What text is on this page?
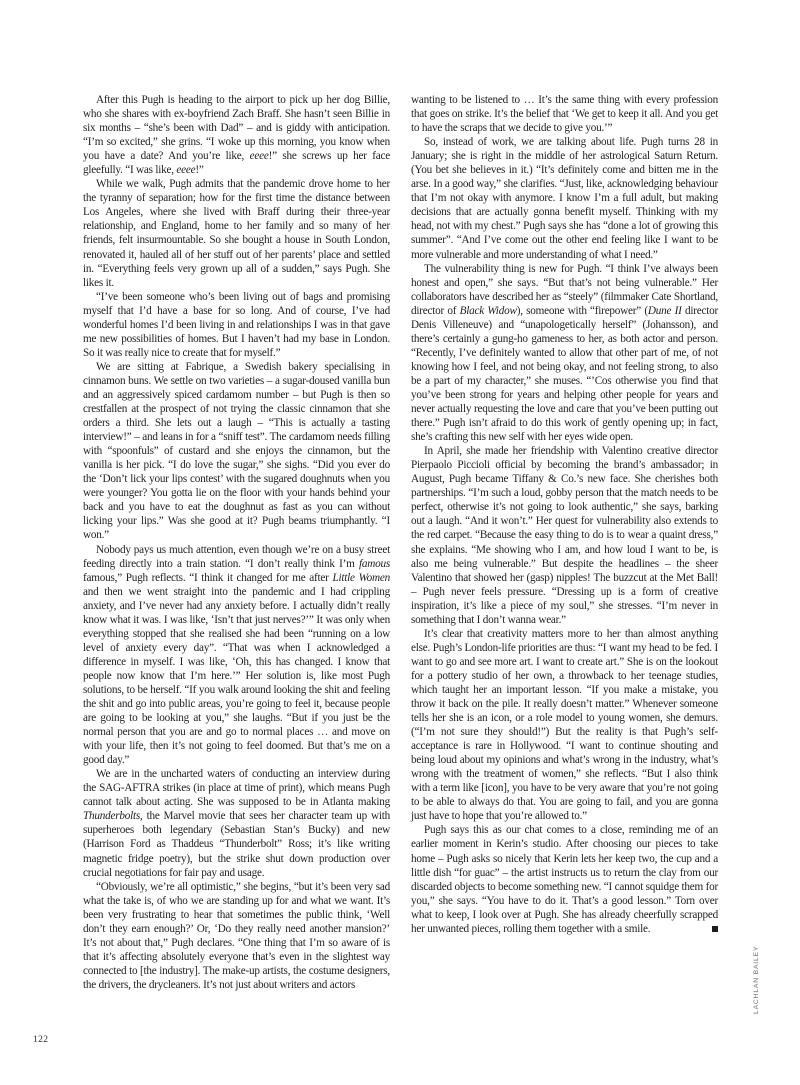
After this Pugh is heading to the airport to pick up her dog Billie, who she shares with ex-boyfriend Zach Braff. She hasn’t seen Billie in six months – “she’s been with Dad” – and is giddy with anticipation. “I’m so excited,” she grins. “I woke up this morning, you know when you have a date? And you’re like, eeee!” she screws up her face gleefully. “I was like, eeee!”

While we walk, Pugh admits that the pandemic drove home to her the tyranny of separation; how for the first time the distance between Los Angeles, where she lived with Braff during their three-year relationship, and England, home to her family and so many of her friends, felt insurmountable. So she bought a house in South London, renovated it, hauled all of her stuff out of her parents’ place and settled in. “Everything feels very grown up all of a sudden,” says Pugh. She likes it.

“I’ve been someone who’s been living out of bags and promising myself that I’d have a base for so long. And of course, I’ve had wonderful homes I’d been living in and relationships I was in that gave me new possibilities of homes. But I haven’t had my base in London. So it was really nice to create that for myself.”

We are sitting at Fabrique, a Swedish bakery specialising in cinnamon buns. We settle on two varieties – a sugar-doused vanilla bun and an aggressively spiced cardamom number – but Pugh is then so crestfallen at the prospect of not trying the classic cinnamon that she orders a third. She lets out a laugh – “This is actually a tasting interview!” – and leans in for a “sniff test”. The cardamom needs filling with “spoonfuls” of custard and she enjoys the cinnamon, but the vanilla is her pick. “I do love the sugar,” she sighs. “Did you ever do the ‘Don’t lick your lips contest’ with the sugared doughnuts when you were younger? You gotta lie on the floor with your hands behind your back and you have to eat the doughnut as fast as you can without licking your lips.” Was she good at it? Pugh beams triumphantly. “I won.”

Nobody pays us much attention, even though we’re on a busy street feeding directly into a train station. “I don’t really think I’m famous famous,” Pugh reflects. “I think it changed for me after Little Women and then we went straight into the pandemic and I had crippling anxiety, and I’ve never had any anxiety before. I actually didn’t really know what it was. I was like, ‘Isn’t that just nerves?’” It was only when everything stopped that she realised she had been “running on a low level of anxiety every day”. “That was when I acknowledged a difference in myself. I was like, ‘Oh, this has changed. I know that people now know that I’m here.’” Her solution is, like most Pugh solutions, to be herself. “If you walk around looking the shit and feeling the shit and go into public areas, you’re going to feel it, because people are going to be looking at you,” she laughs. “But if you just be the normal person that you are and go to normal places … and move on with your life, then it’s not going to feel doomed. But that’s me on a good day.”

We are in the uncharted waters of conducting an interview during the SAG-AFTRA strikes (in place at time of print), which means Pugh cannot talk about acting. She was supposed to be in Atlanta making Thunderbolts, the Marvel movie that sees her character team up with superheroes both legendary (Sebastian Stan’s Bucky) and new (Harrison Ford as Thaddeus “Thunderbolt” Ross; it’s like writing magnetic fridge poetry), but the strike shut down production over crucial negotiations for fair pay and usage.

“Obviously, we’re all optimistic,” she begins, “but it’s been very sad what the take is, of who we are standing up for and what we want. It’s been very frustrating to hear that sometimes the public think, ‘Well don’t they earn enough?’ Or, ‘Do they really need another mansion?’ It’s not about that,” Pugh declares. “One thing that I’m so aware of is that it’s affecting absolutely everyone that’s even in the slightest way connected to [the industry]. The make-up artists, the costume designers, the drivers, the drycleaners. It’s not just about writers and actors

wanting to be listened to … It’s the same thing with every profession that goes on strike. It’s the belief that ‘We get to keep it all. And you get to have the scraps that we decide to give you.’”

So, instead of work, we are talking about life. Pugh turns 28 in January; she is right in the middle of her astrological Saturn Return. (You bet she believes in it.) “It’s definitely come and bitten me in the arse. In a good way,” she clarifies. “Just, like, acknowledging behaviour that I’m not okay with anymore. I know I’m a full adult, but making decisions that are actually gonna benefit myself. Thinking with my head, not with my chest.” Pugh says she has “done a lot of growing this summer”. “And I’ve come out the other end feeling like I want to be more vulnerable and more understanding of what I need.”

The vulnerability thing is new for Pugh. “I think I’ve always been honest and open,” she says. “But that’s not being vulnerable.” Her collaborators have described her as “steely” (filmmaker Cate Shortland, director of Black Widow), someone with “firepower” (Dune II director Denis Villeneuve) and “unapologetically herself” (Johansson), and there’s certainly a gung-ho gameness to her, as both actor and person. “Recently, I’ve definitely wanted to allow that other part of me, of not knowing how I feel, and not being okay, and not feeling strong, to also be a part of my character,” she muses. “’Cos otherwise you find that you’ve been strong for years and helping other people for years and never actually requesting the love and care that you’ve been putting out there.” Pugh isn’t afraid to do this work of gently opening up; in fact, she’s crafting this new self with her eyes wide open.

In April, she made her friendship with Valentino creative director Pierpaolo Piccioli official by becoming the brand’s ambassador; in August, Pugh became Tiffany & Co.’s new face. She cherishes both partnerships. “I’m such a loud, gobby person that the match needs to be perfect, otherwise it’s not going to look authentic,” she says, barking out a laugh. “And it won’t.” Her quest for vulnerability also extends to the red carpet. “Because the easy thing to do is to wear a quaint dress,” she explains. “Me showing who I am, and how loud I want to be, is also me being vulnerable.” But despite the headlines – the sheer Valentino that showed her (gasp) nipples! The buzzcut at the Met Ball! – Pugh never feels pressure. “Dressing up is a form of creative inspiration, it’s like a piece of my soul,” she stresses. “I’m never in something that I don’t wanna wear.”

It’s clear that creativity matters more to her than almost anything else. Pugh’s London-life priorities are thus: “I want my head to be fed. I want to go and see more art. I want to create art.” She is on the lookout for a pottery studio of her own, a throwback to her teenage studies, which taught her an important lesson. “If you make a mistake, you throw it back on the pile. It really doesn’t matter.” Whenever someone tells her she is an icon, or a role model to young women, she demurs. (“I’m not sure they should!”) But the reality is that Pugh’s self-acceptance is rare in Hollywood. “I want to continue shouting and being loud about my opinions and what’s wrong in the industry, what’s wrong with the treatment of women,” she reflects. “But I also think with a term like [icon], you have to be very aware that you’re not going to be able to always do that. You are going to fail, and you are gonna just have to hope that you’re allowed to.”

Pugh says this as our chat comes to a close, reminding me of an earlier moment in Kerin’s studio. After choosing our pieces to take home – Pugh asks so nicely that Kerin lets her keep two, the cup and a little dish “for guac” – the artist instructs us to return the clay from our discarded objects to become something new. “I cannot squidge them for you,” she says. “You have to do it. That’s a good lesson.” Torn over what to keep, I look over at Pugh. She has already cheerfully scrapped her unwanted pieces, rolling them together with a smile.

122
LACHLAN BAILEY
